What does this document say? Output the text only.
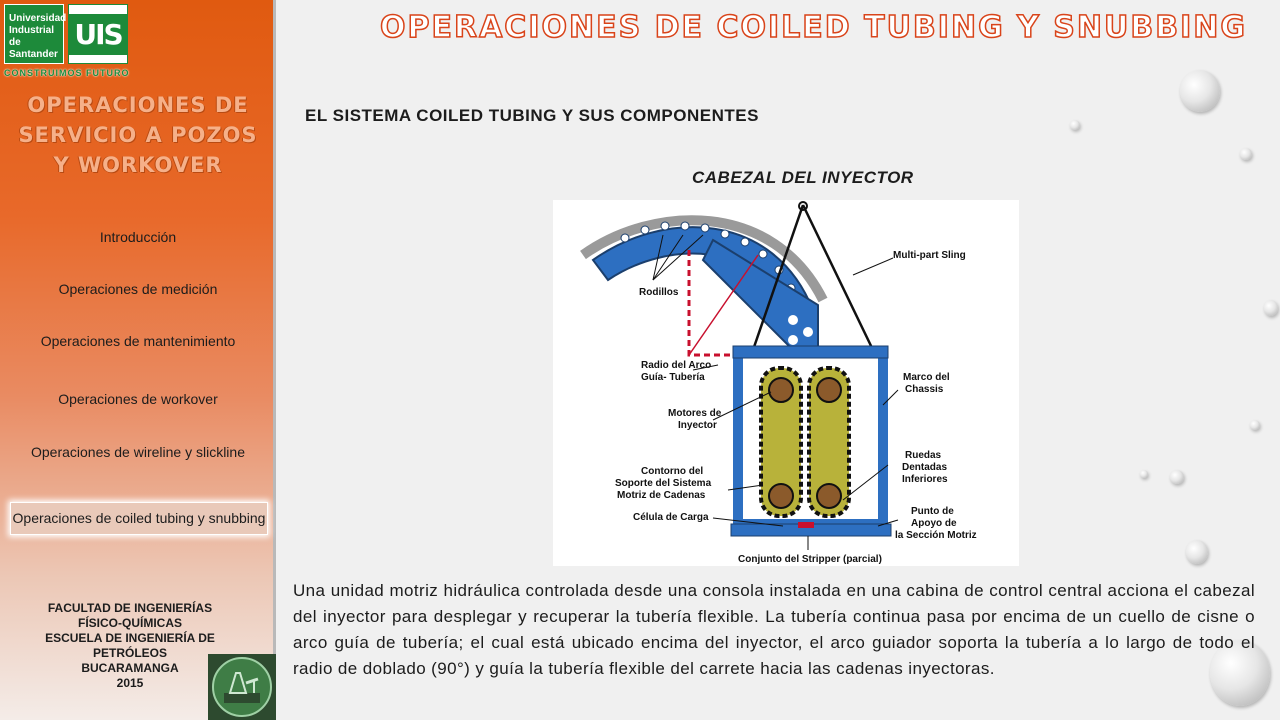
Universidad Industrial de Santander
UIS
CONSTRUIMOS FUTURO
OPERACIONES DE SERVICIO A POZOS Y WORKOVER
Introducción
Operaciones de medición
Operaciones de mantenimiento
Operaciones de workover
Operaciones de wireline y slickline
Operaciones de coiled tubing y snubbing
FACULTAD DE INGENIERÍAS FÍSICO-QUÍMICAS
ESCUELA DE INGENIERÍA DE PETRÓLEOS
BUCARAMANGA
2015
OPERACIONES DE COILED TUBING Y SNUBBING
EL SISTEMA COILED TUBING Y SUS COMPONENTES
CABEZAL DEL INYECTOR
Multi-part Sling
Rodillos
Radio del Arco
Guía- Tubería	Marco del
Chassis
Motores de
Inyector
Ruedas
Dentadas
Inferiores
Contorno del
Soporte del Sistema
Motriz de Cadenas
Célula de Carga
Punto de
Apoyo de
la Sección Motriz
Conjunto del Stripper (parcial)
Una unidad motriz hidráulica controlada desde una consola instalada en una cabina de control central acciona el cabezal del inyector para desplegar y recuperar la tubería flexible. La tubería continua pasa por encima de un cuello de cisne o arco guía de tubería; el cual está ubicado encima del inyector, el arco guiador soporta la tubería a lo largo de todo el radio de doblado (90°) y guía la tubería flexible del carrete hacia las cadenas inyectoras.
